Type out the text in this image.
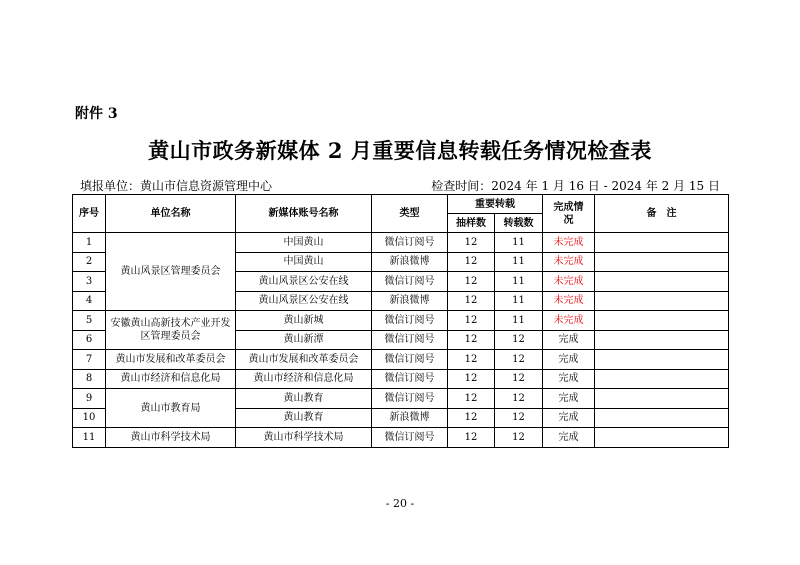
附件 3
黄山市政务新媒体 2 月重要信息转载任务情况检查表
填报单位：黄山市信息资源管理中心	检查时间：2024 年 1 月 16 日 - 2024 年 2 月 15 日
序号	单位名称	新媒体账号名称	类型	重要转载		完成情况	备　注
				抽样数	转载数		
1	黄山风景区管理委员会	中国黄山	微信订阅号	12	11	未完成	
2		中国黄山	新浪微博	12	11	未完成	
3		黄山风景区公安在线	微信订阅号	12	11	未完成	
4		黄山风景区公安在线	新浪微博	12	11	未完成	
5	安徽黄山高新技术产业开发区管理委员会	黄山新城	微信订阅号	12	11	未完成	
6		黄山新潭	微信订阅号	12	12	完成	
7	黄山市发展和改革委员会	黄山市发展和改革委员会	微信订阅号	12	12	完成	
8	黄山市经济和信息化局	黄山市经济和信息化局	微信订阅号	12	12	完成	
9	黄山市教育局	黄山教育	微信订阅号	12	12	完成	
10		黄山教育	新浪微博	12	12	完成	
11	黄山市科学技术局	黄山市科学技术局	微信订阅号	12	12	完成	
- 20 -
